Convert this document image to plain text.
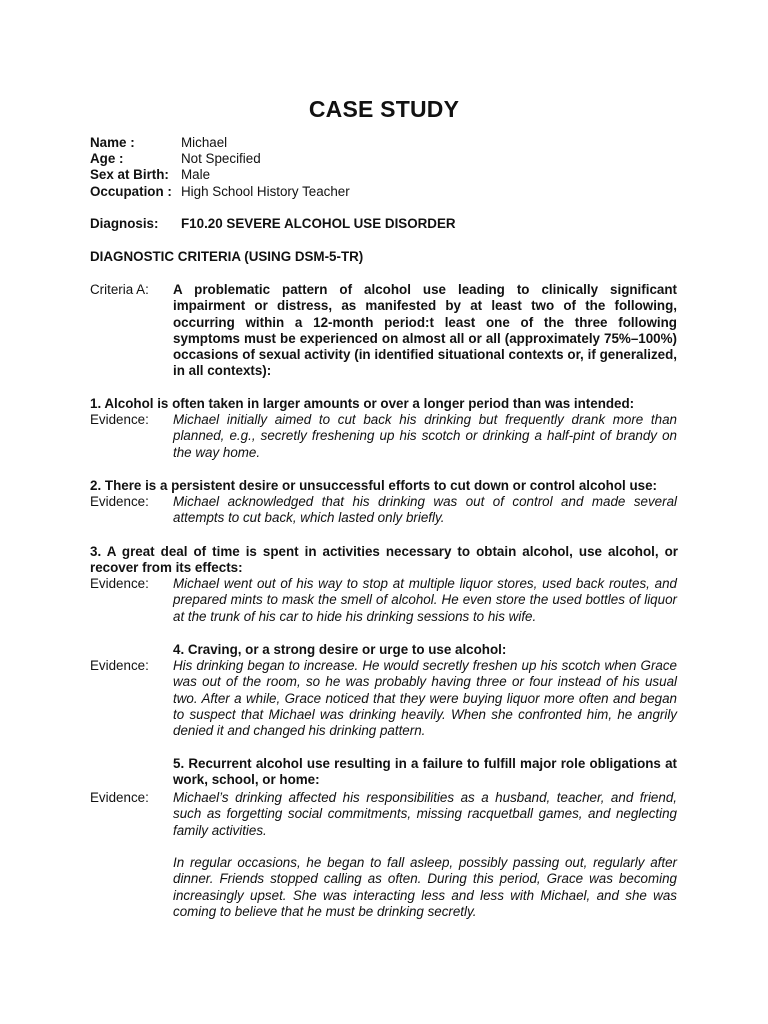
CASE STUDY
Name :	Michael
Age :	Not Specified
Sex at Birth: Male
Occupation : High School History Teacher
Diagnosis: F10.20 SEVERE ALCOHOL USE DISORDER
DIAGNOSTIC CRITERIA (USING DSM-5-TR)
Criteria A: A problematic pattern of alcohol use leading to clinically significant impairment or distress, as manifested by at least two of the following, occurring within a 12-month period:t least one of the three following symptoms must be experienced on almost all or all (approximately 75%–100%) occasions of sexual activity (in identified situational contexts or, if generalized, in all contexts):
1. Alcohol is often taken in larger amounts or over a longer period than was intended:
Evidence: Michael initially aimed to cut back his drinking but frequently drank more than planned, e.g., secretly freshening up his scotch or drinking a half-pint of brandy on the way home.
2. There is a persistent desire or unsuccessful efforts to cut down or control alcohol use:
Evidence: Michael acknowledged that his drinking was out of control and made several attempts to cut back, which lasted only briefly.
3. A great deal of time is spent in activities necessary to obtain alcohol, use alcohol, or recover from its effects:
Evidence: Michael went out of his way to stop at multiple liquor stores, used back routes, and prepared mints to mask the smell of alcohol. He even store the used bottles of liquor at the trunk of his car to hide his drinking sessions to his wife.
4. Craving, or a strong desire or urge to use alcohol:
Evidence: His drinking began to increase. He would secretly freshen up his scotch when Grace was out of the room, so he was probably having three or four instead of his usual two. After a while, Grace noticed that they were buying liquor more often and began to suspect that Michael was drinking heavily. When she confronted him, he angrily denied it and changed his drinking pattern.
5. Recurrent alcohol use resulting in a failure to fulfill major role obligations at work, school, or home:
Evidence: Michael’s drinking affected his responsibilities as a husband, teacher, and friend, such as forgetting social commitments, missing racquetball games, and neglecting family activities.
In regular occasions, he began to fall asleep, possibly passing out, regularly after dinner. Friends stopped calling as often. During this period, Grace was becoming increasingly upset. She was interacting less and less with Michael, and she was coming to believe that he must be drinking secretly.
